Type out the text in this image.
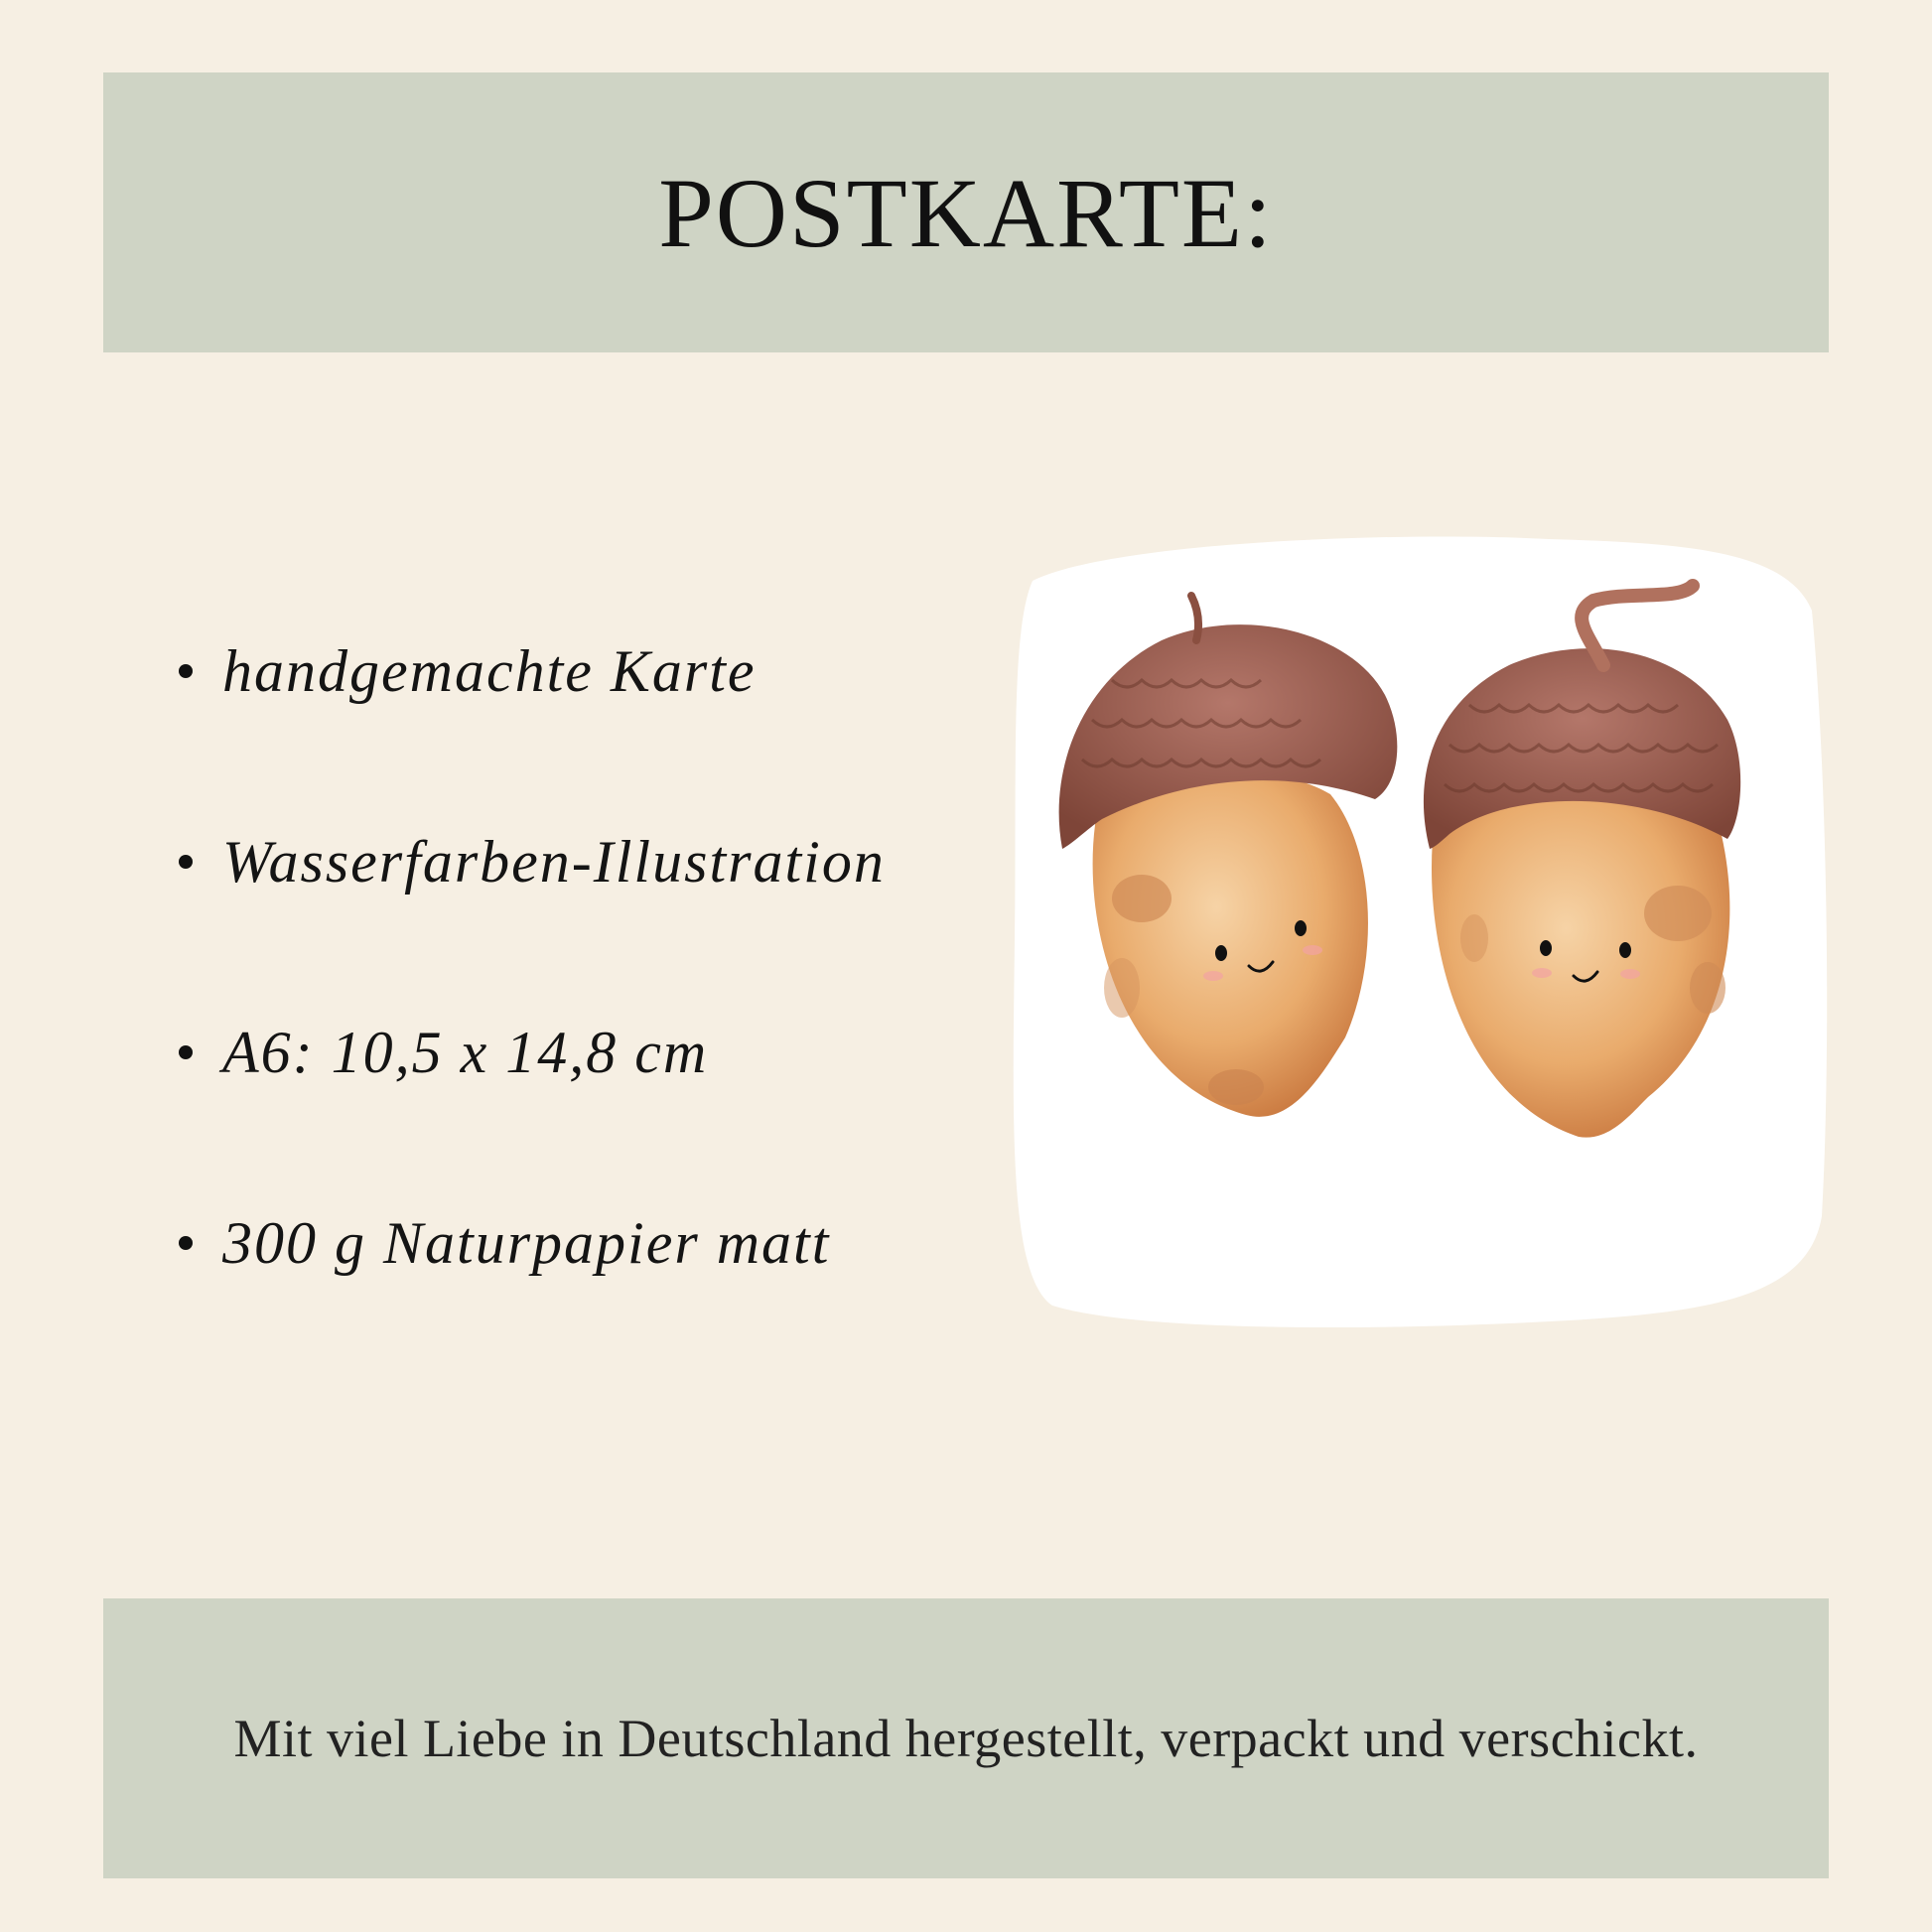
POSTKARTE:
handgemachte Karte
Wasserfarben-Illustration
A6: 10,5 x 14,8 cm
300 g Naturpapier matt
Mit viel Liebe in Deutschland hergestellt, verpackt und verschickt.
